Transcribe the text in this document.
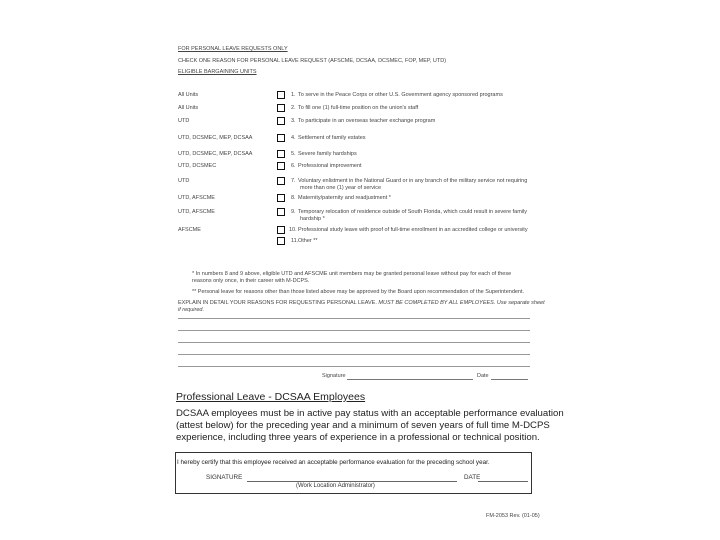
FOR PERSONAL LEAVE REQUESTS ONLY
CHECK ONE REASON FOR PERSONAL LEAVE REQUEST (AFSCME, DCSAA, DCSMEC, FOP, MEP, UTD)
ELIGIBLE BARGAINING UNITS
All Units	1. To serve in the Peace Corps or other U.S. Government agency sponsored programs
All Units	2. To fill one (1) full-time position on the union's staff
UTD	3. To participate in an overseas teacher exchange program
UTD, DCSMEC, MEP, DCSAA	4. Settlement of family estates
UTD, DCSMEC, MEP, DCSAA	5. Severe family hardships
UTD, DCSMEC	6. Professional improvement
UTD	7. Voluntary enlistment in the National Guard or in any branch of the military service not requiring
more than one (1) year of service
UTD, AFSCME	8. Maternity/paternity and readjustment *
UTD, AFSCME	9. Temporary relocation of residence outside of South Florida, which could result in severe family
hardship *
AFSCME	10. Professional study leave with proof of full-time enrollment in an accredited college or university
11. Other **
* In numbers 8 and 9 above, eligible UTD and AFSCME unit members may be granted personal leave without pay for each of these
reasons only once, in their career with M-DCPS.
** Personal leave for reasons other than those listed above may be approved by the Board upon recommendation of the Superintendent.
EXPLAIN IN DETAIL YOUR REASONS FOR REQUESTING PERSONAL LEAVE. MUST BE COMPLETED BY ALL EMPLOYEES. Use separate sheet
if required.
Signature	Date
Professional Leave - DCSAA Employees
DCSAA employees must be in active pay status with an acceptable performance evaluation
(attest below) for the preceding year and a minimum of seven years of full time M-DCPS
experience, including three years of experience in a professional or technical position.
I hereby certify that this employee received an acceptable performance evaluation for the preceding school year.
SIGNATURE	DATE
(Work Location Administrator)
FM-2053 Rev. (01-05)
